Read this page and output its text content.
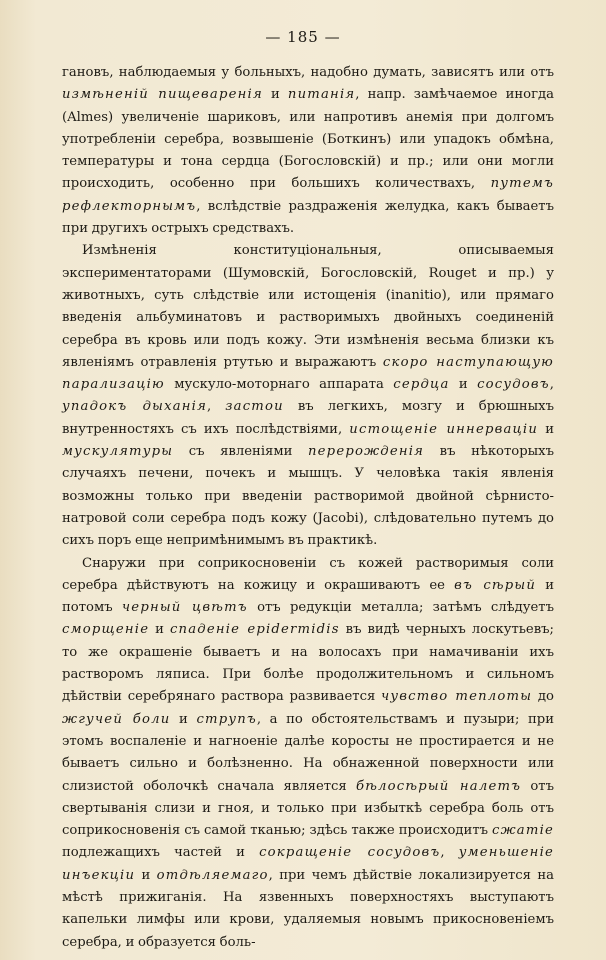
— 185 —

гановъ, наблюдаемыя у больныхъ, надобно думать, зависятъ или отъ измѣненій пищеваренія и питанія, напр. замѣчаемое иногда (Almes) увеличеніе шариковъ, или напротивъ анемія при долгомъ употребленіи серебра, возвышеніе (Боткинъ) или упадокъ обмѣна, температуры и тона сердца (Богословскій) и пр.; или они могли происходить, особенно при большихъ количествахъ, путемъ рефлекторнымъ, вслѣдствіе раздраженія желудка, какъ бываетъ при другихъ острыхъ средствахъ.

Измѣненія конституціональныя, описываемыя экспериментаторами (Шумовскій, Богословскій, Rouget и пр.) у животныхъ, суть слѣдствіе или истощенія (inanitio), или прямаго введенія альбуминатовъ и растворимыхъ двойныхъ соединеній серебра въ кровь или подъ кожу. Эти измѣненія весьма близки къ явленіямъ отравленія ртутью и выражаютъ скоро наступающую парализацію мускуло-моторнаго аппарата сердца и сосудовъ, упадокъ дыханія, застои въ легкихъ, мозгу и брюшныхъ внутренностяхъ съ ихъ послѣдствіями, истощеніе иннерваціи и мускулятуры съ явленіями перерожденія въ нѣкоторыхъ случаяхъ печени, почекъ и мышцъ. У человѣка такія явленія возможны только при введеніи растворимой двойной сѣрнисто-натровой соли серебра подъ кожу (Jacobi), слѣдовательно путемъ до сихъ поръ еще непримѣнимымъ въ практикѣ.

Снаружи при соприкосновеніи съ кожей растворимыя соли серебра дѣйствуютъ на кожицу и окрашиваютъ ее въ сѣрый и потомъ черный цвѣтъ отъ редукціи металла; затѣмъ слѣдуетъ сморщеніе и спаденіе epidermidis въ видѣ черныхъ лоскутьевъ; то же окрашеніе бываетъ и на волосахъ при намачиваніи ихъ растворомъ ляписа. При болѣе продолжительномъ и сильномъ дѣйствіи серебрянаго раствора развивается чувство теплоты до жгучей боли и струпъ, а по обстоятельствамъ и пузыри; при этомъ воспаленіе и нагноеніе далѣе коросты не простирается и не бываетъ сильно и болѣзненно. На обнаженной поверхности или слизистой оболочкѣ сначала является бѣлосѣрый налетъ отъ свертыванія слизи и гноя, и только при избыткѣ серебра боль отъ соприкосновенія съ самой тканью; здѣсь также происходитъ сжатіе подлежащихъ частей и сокращеніе сосудовъ, уменьшеніе инъекціи и отдѣляемаго, при чемъ дѣйствіе локализируется на мѣстѣ прижиганія. На язвенныхъ поверхностяхъ выступаютъ капельки лимфы или крови, удаляемыя новымъ прикосновеніемъ серебра, и образуется боль-
